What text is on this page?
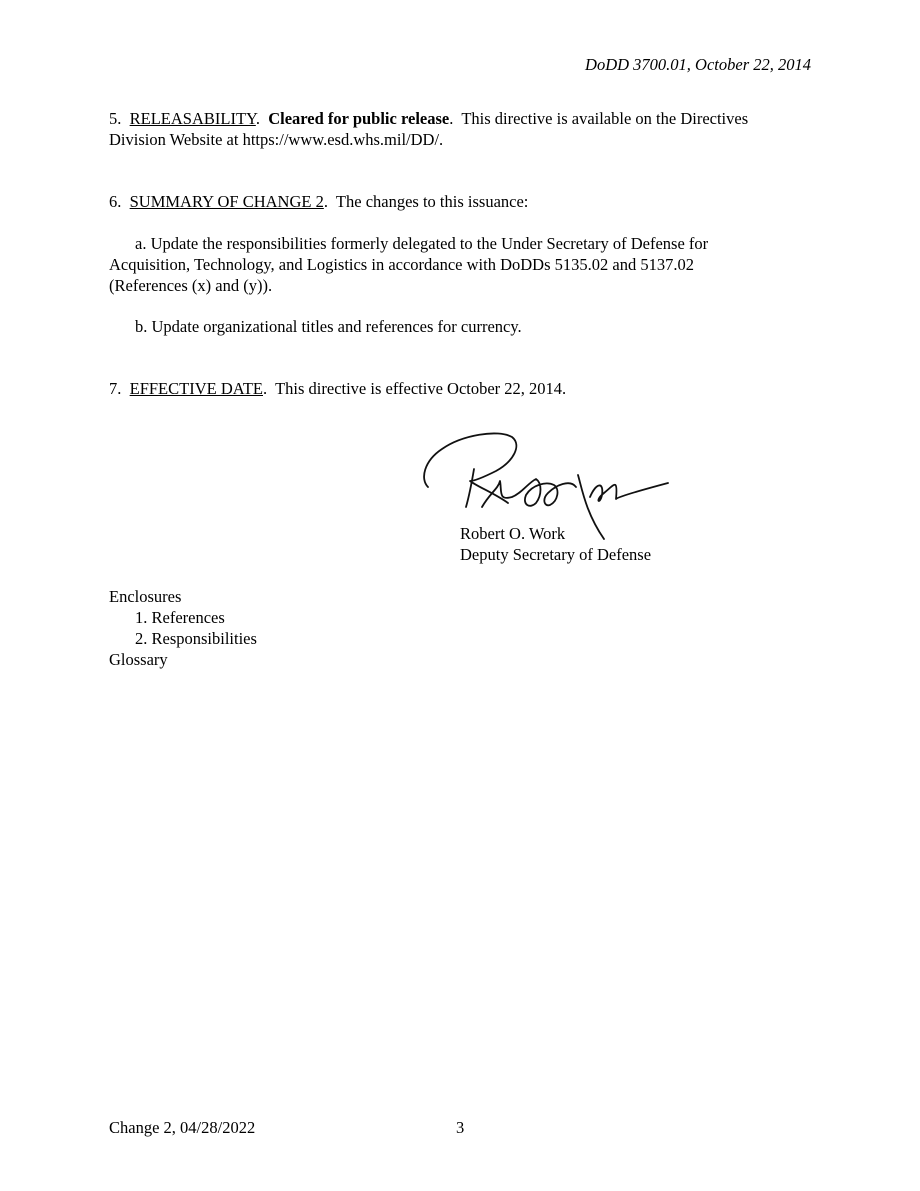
DoDD 3700.01, October 22, 2014
5. RELEASABILITY.  Cleared for public release.  This directive is available on the Directives
Division Website at https://www.esd.whs.mil/DD/.
6. SUMMARY OF CHANGE 2.  The changes to this issuance:
a. Update the responsibilities formerly delegated to the Under Secretary of Defense for
Acquisition, Technology, and Logistics in accordance with DoDDs 5135.02 and 5137.02
(References (x) and (y)).
b. Update organizational titles and references for currency.
7. EFFECTIVE DATE.  This directive is effective October 22, 2014.
Robert O. Work
Deputy Secretary of Defense
Enclosures
1. References
2. Responsibilities
Glossary
Change 2, 04/28/2022	3
